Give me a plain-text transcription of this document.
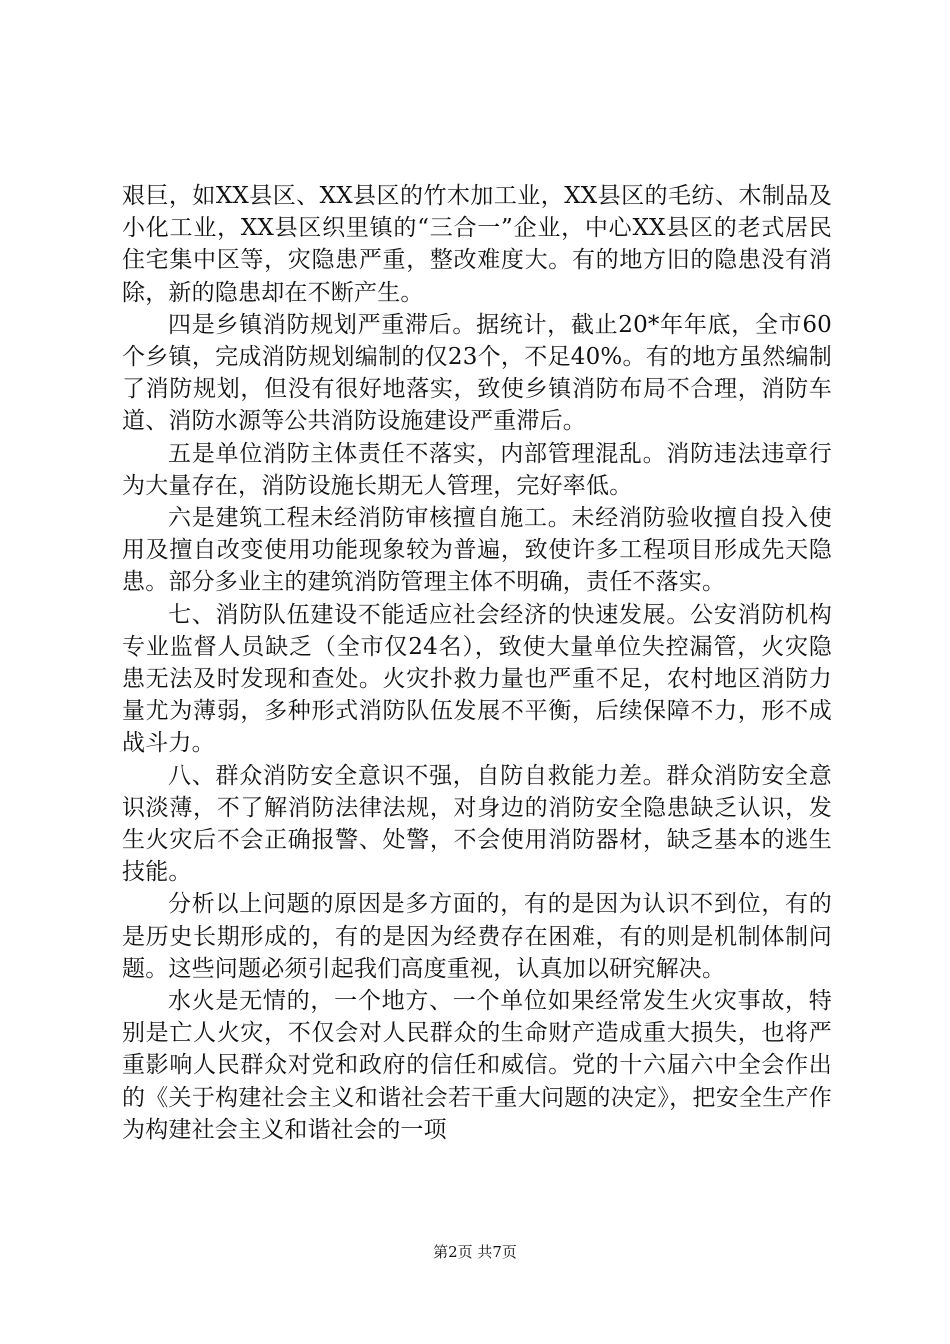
艰巨，如XX县区、XX县区的竹木加工业，XX县区的毛纺、木制品及小化工业，XX县区织里镇的“三合一”企业，中心XX县区的老式居民住宅集中区等，灾隐患严重，整改难度大。有的地方旧的隐患没有消除，新的隐患却在不断产生。

四是乡镇消防规划严重滞后。据统计，截止20*年年底，全市60个乡镇，完成消防规划编制的仅23个，不足40%。有的地方虽然编制了消防规划，但没有很好地落实，致使乡镇消防布局不合理，消防车道、消防水源等公共消防设施建设严重滞后。

五是单位消防主体责任不落实，内部管理混乱。消防违法违章行为大量存在，消防设施长期无人管理，完好率低。

六是建筑工程未经消防审核擅自施工。未经消防验收擅自投入使用及擅自改变使用功能现象较为普遍，致使许多工程项目形成先天隐患。部分多业主的建筑消防管理主体不明确，责任不落实。

七、消防队伍建设不能适应社会经济的快速发展。公安消防机构专业监督人员缺乏（全市仅24名），致使大量单位失控漏管，火灾隐患无法及时发现和查处。火灾扑救力量也严重不足，农村地区消防力量尤为薄弱，多种形式消防队伍发展不平衡，后续保障不力，形不成战斗力。

八、群众消防安全意识不强，自防自救能力差。群众消防安全意识淡薄，不了解消防法律法规，对身边的消防安全隐患缺乏认识，发生火灾后不会正确报警、处警，不会使用消防器材，缺乏基本的逃生技能。

分析以上问题的原因是多方面的，有的是因为认识不到位，有的是历史长期形成的，有的是因为经费存在困难，有的则是机制体制问题。这些问题必须引起我们高度重视，认真加以研究解决。

水火是无情的，一个地方、一个单位如果经常发生火灾事故，特别是亡人火灾，不仅会对人民群众的生命财产造成重大损失，也将严重影响人民群众对党和政府的信任和威信。党的十六届六中全会作出的《关于构建社会主义和谐社会若干重大问题的决定》，把安全生产作为构建社会主义和谐社会的一项

第2页 共7页
